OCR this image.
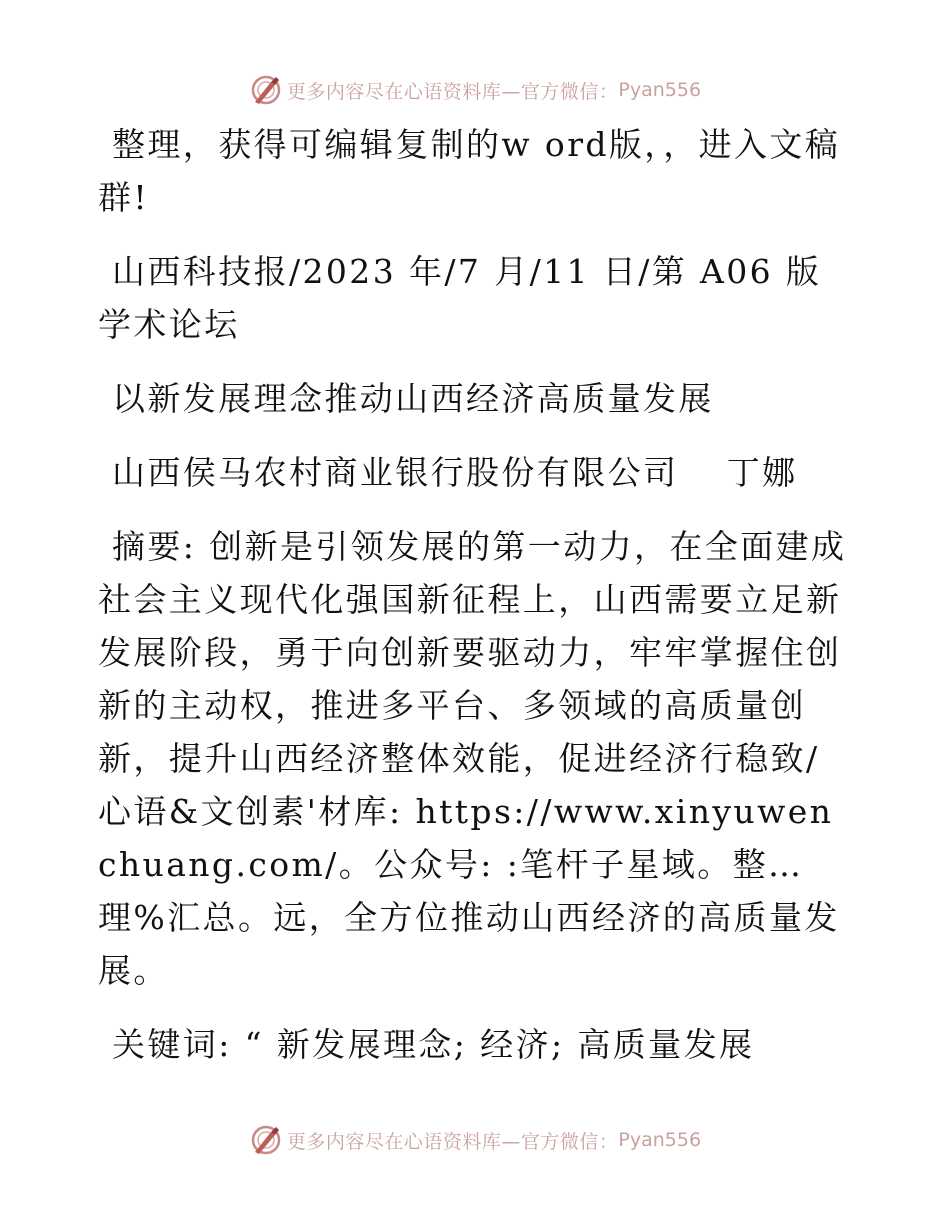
更多内容尽在心语资料库—官方微信： Pyan556

整理，获得可编辑复制的w ord版，，进入文稿群!

山西科技报/2023 年/7 月/11 日/第 A06 版学术论坛

以新发展理念推动山西经济高质量发展

山西侯马农村商业银行股份有限公司　 丁娜

摘要: 创新是引领发展的第一动力，在全面建成社会主义现代化强国新征程上，山西需要立足新发展阶段，勇于向创新要驱动力，牢牢掌握住创新的主动权，推进多平台、多领域的高质量创新，提升山西经济整体效能，促进经济行稳致/心语&文创素'材库: https://www.xinyuwenchuang.com/。公众号: :笔杆子星域。整…理%汇总。远，全方位推动山西经济的高质量发展。

关键词: “ 新发展理念; 经济; 高质量发展

更多内容尽在心语资料库—官方微信： Pyan556
